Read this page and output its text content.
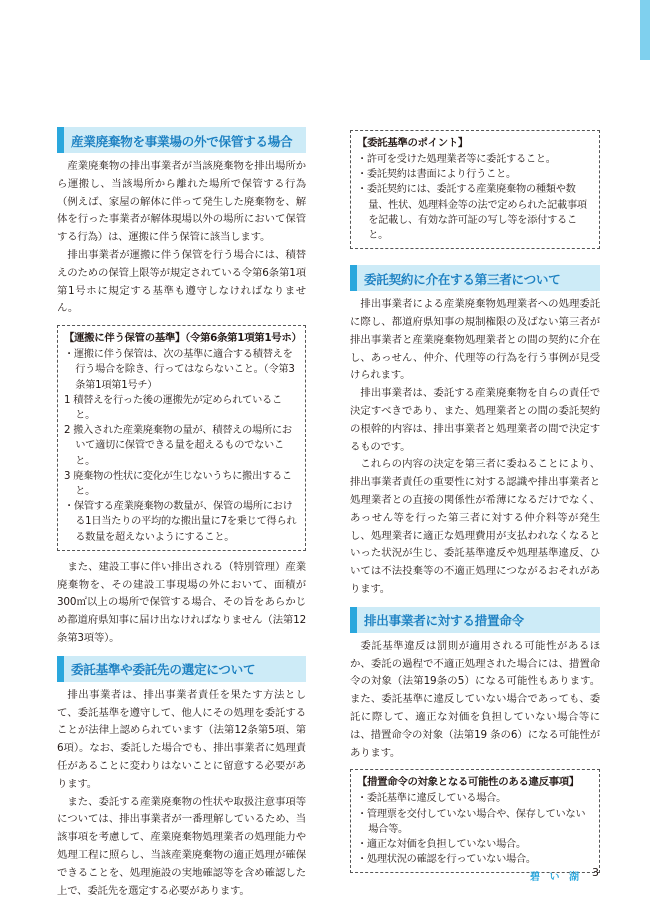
産業廃棄物を事業場の外で保管する場合

産業廃棄物の排出事業者が当該廃棄物を排出場所から運搬し、当該場所から離れた場所で保管する行為（例えば、家屋の解体に伴って発生した廃棄物を、解体を行った事業者が解体現場以外の場所において保管する行為）は、運搬に伴う保管に該当します。

排出事業者が運搬に伴う保管を行う場合には、積替えのための保管上限等が規定されている令第6条第1項第1号ホに規定する基準も遵守しなければなりません。

【運搬に伴う保管の基準】（令第6条第1項第1号ホ）
・運搬に伴う保管は、次の基準に適合する積替えを行う場合を除き、行ってはならないこと。（令第3条第1項第1号チ）
1 積替えを行った後の運搬先が定められていること。
2 搬入された産業廃棄物の量が、積替えの場所において適切に保管できる量を超えるものでないこと。
3 廃棄物の性状に変化が生じないうちに搬出すること。
・保管する産業廃棄物の数量が、保管の場所における1日当たりの平均的な搬出量に7を乗じて得られる数量を超えないようにすること。

また、建設工事に伴い排出される（特別管理）産業廃棄物を、その建設工事現場の外において、面積が300㎡以上の場所で保管する場合、その旨をあらかじめ都道府県知事に届け出なければなりません（法第12条第3項等）。

委託基準や委託先の選定について

排出事業者は、排出事業者責任を果たす方法として、委託基準を遵守して、他人にその処理を委託することが法律上認められています（法第12条第5項、第6項）。なお、委託した場合でも、排出事業者に処理責任があることに変わりはないことに留意する必要があります。

また、委託する産業廃棄物の性状や取扱注意事項等については、排出事業者が一番理解しているため、当該事項を考慮して、産業廃棄物処理業者の処理能力や処理工程に照らし、当該産業廃棄物の適正処理が確保できることを、処理施設の実地確認等を含め確認した上で、委託先を選定する必要があります。

【委託基準のポイント】
・許可を受けた処理業者等に委託すること。
・委託契約は書面により行うこと。
・委託契約には、委託する産業廃棄物の種類や数量、性状、処理料金等の法で定められた記載事項を記載し、有効な許可証の写し等を添付すること。
委託契約に介在する第三者について

排出事業者による産業廃棄物処理業者への処理委託に際し、都道府県知事の規制権限の及ばない第三者が排出事業者と産業廃棄物処理業者との間の契約に介在し、あっせん、仲介、代理等の行為を行う事例が見受けられます。

排出事業者は、委託する産業廃棄物を自らの責任で決定すべきであり、また、処理業者との間の委託契約の根幹的内容は、排出事業者と処理業者の間で決定するものです。

これらの内容の決定を第三者に委ねることにより、排出事業者責任の重要性に対する認識や排出事業者と処理業者との直接の関係性が希薄になるだけでなく、あっせん等を行った第三者に対する仲介料等が発生し、処理業者に適正な処理費用が支払われなくなるといった状況が生じ、委託基準違反や処理基準違反、ひいては不法投棄等の不適正処理につながるおそれがあります。

排出事業者に対する措置命令

委託基準違反は罰則が適用される可能性があるほか、委託の過程で不適正処理された場合には、措置命令の対象（法第19条の5）になる可能性もあります。また、委託基準に違反していない場合であっても、委託に際して、適正な対価を負担していない場合等には、措置命令の対象（法第19 条の6）になる可能性があります。

【措置命令の対象となる可能性のある違反事項】
・委託基準に違反している場合。
・管理票を交付していない場合や、保存していない場合等。
・適正な対価を負担していない場合。
・処理状況の確認を行っていない場合。
碧 い 湖 3
